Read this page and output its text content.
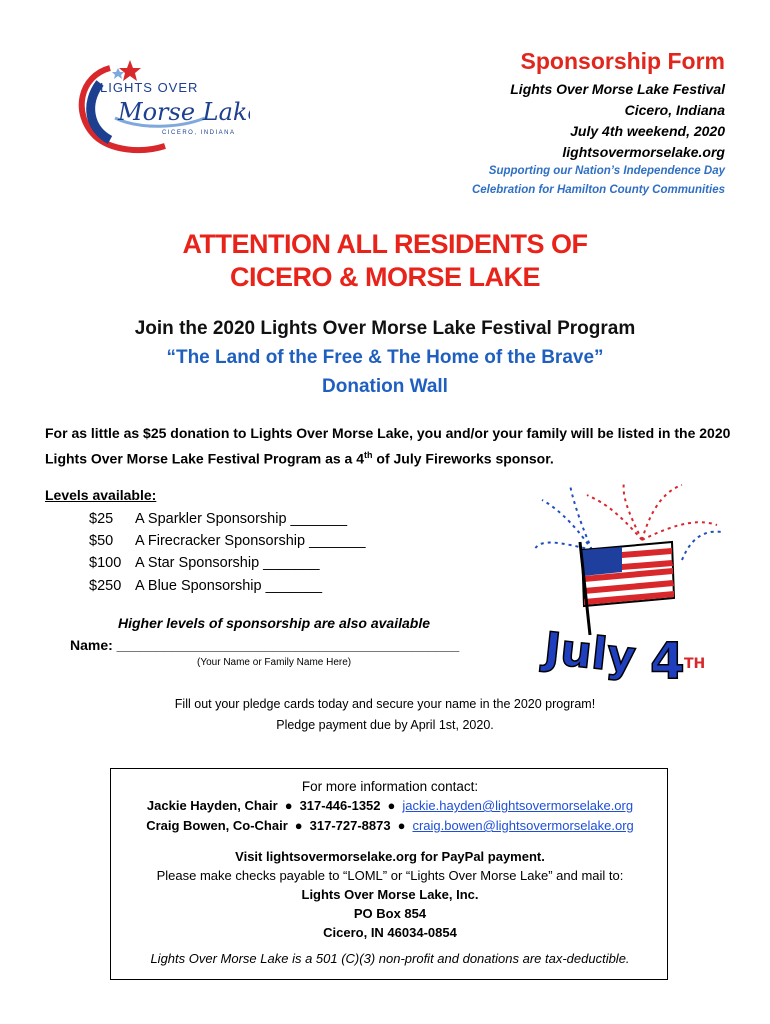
LIGHTS OVER
Morse Lake
CICERO, INDIANA
Sponsorship Form
Lights Over Morse Lake Festival
Cicero, Indiana
July 4th weekend, 2020
lightsovermorselake.org
Supporting our Nation’s Independence Day
Celebration for Hamilton County Communities
ATTENTION ALL RESIDENTS OF
CICERO & MORSE LAKE
Join the 2020 Lights Over Morse Lake Festival Program
“The Land of the Free & The Home of the Brave”
Donation Wall
For as little as $25 donation to Lights Over Morse Lake, you and/or your family will be listed in the 2020 Lights Over Morse Lake Festival Program as a 4th of July Fireworks sponsor.
Levels available:
$25 A Sparkler Sponsorship _______
$50 A Firecracker Sponsorship _______
$100 A Star Sponsorship _______
$250 A Blue Sponsorship _______
Higher levels of sponsorship are also available
Name: ____________________________________________
(Your Name or Family Name Here)
Fill out your pledge cards today and secure your name in the 2020 program!
Pledge payment due by April 1st, 2020.
July 4 TH
For more information contact:
Jackie Hayden, Chair ● 317-446-1352 ● jackie.hayden@lightsovermorselake.org
Craig Bowen, Co-Chair ● 317-727-8873 ● craig.bowen@lightsovermorselake.org
Visit lightsovermorselake.org for PayPal payment.
Please make checks payable to “LOML” or “Lights Over Morse Lake” and mail to:
Lights Over Morse Lake, Inc.
PO Box 854
Cicero, IN 46034-0854
Lights Over Morse Lake is a 501 (C)(3) non-profit and donations are tax-deductible.
